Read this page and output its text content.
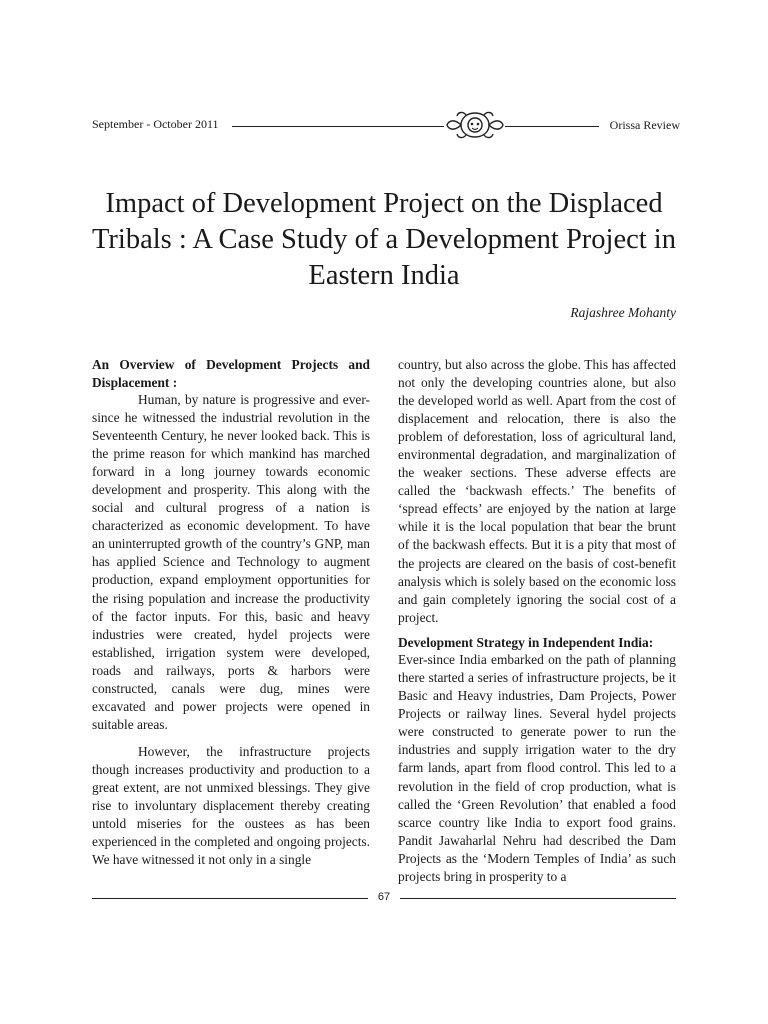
September - October 2011	Orissa Review
Impact of Development Project on the Displaced Tribals : A Case Study of a Development Project in Eastern India
Rajashree Mohanty

An Overview of Development Projects and Displacement :

Human, by nature is progressive and ever-since he witnessed the industrial revolution in the Seventeenth Century, he never looked back. This is the prime reason for which mankind has marched forward in a long journey towards economic development and prosperity. This along with the social and cultural progress of a nation is characterized as economic development. To have an uninterrupted growth of the country’s GNP, man has applied Science and Technology to augment production, expand employment opportunities for the rising population and increase the productivity of the factor inputs. For this, basic and heavy industries were created, hydel projects were established, irrigation system were developed, roads and railways, ports & harbors were constructed, canals were dug, mines were excavated and power projects were opened in suitable areas.

However, the infrastructure projects though increases productivity and production to a great extent, are not unmixed blessings. They give rise to involuntary displacement thereby creating untold miseries for the oustees as has been experienced in the completed and ongoing projects. We have witnessed it not only in a single

country, but also across the globe. This has affected not only the developing countries alone, but also the developed world as well. Apart from the cost of displacement and relocation, there is also the problem of deforestation, loss of agricultural land, environmental degradation, and marginalization of the weaker sections. These adverse effects are called the ‘backwash effects.’ The benefits of ‘spread effects’ are enjoyed by the nation at large while it is the local population that bear the brunt of the backwash effects. But it is a pity that most of the projects are cleared on the basis of cost-benefit analysis which is solely based on the economic loss and gain completely ignoring the social cost of a project.

Development Strategy in Independent India:

Ever-since India embarked on the path of planning there started a series of infrastructure projects, be it Basic and Heavy industries, Dam Projects, Power Projects or railway lines. Several hydel projects were constructed to generate power to run the industries and supply irrigation water to the dry farm lands, apart from flood control. This led to a revolution in the field of crop production, what is called the ‘Green Revolution’ that enabled a food scarce country like India to export food grains. Pandit Jawaharlal Nehru had described the Dam Projects as the ‘Modern Temples of India’ as such projects bring in prosperity to a

67
